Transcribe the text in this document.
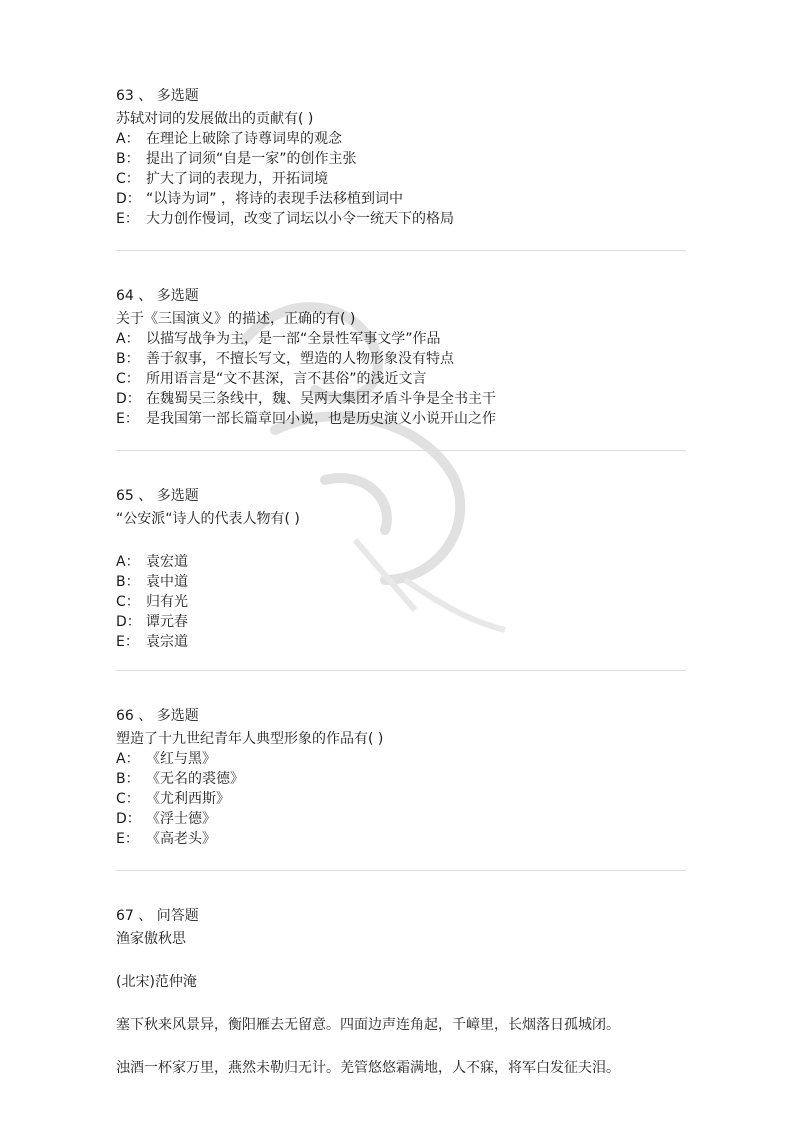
63 、 多选题
苏轼对词的发展做出的贡献有( )
A： 在理论上破除了诗尊词卑的观念
B： 提出了词须“自是一家”的创作主张
C： 扩大了词的表现力，开拓词境
D： “以诗为词” ，将诗的表现手法移植到词中
E： 大力创作慢词，改变了词坛以小令一统天下的格局
64 、 多选题
关于《三国演义》的描述，正确的有( )
A： 以描写战争为主，是一部“全景性军事文学”作品
B： 善于叙事，不擅长写文，塑造的人物形象没有特点
C： 所用语言是“文不甚深，言不甚俗”的浅近文言
D： 在魏蜀吴三条线中，魏、吴两大集团矛盾斗争是全书主干
E： 是我国第一部长篇章回小说，也是历史演义小说开山之作
65 、 多选题
“公安派“诗人的代表人物有( )
A： 袁宏道
B： 袁中道
C： 归有光
D： 谭元春
E： 袁宗道
66 、 多选题
塑造了十九世纪青年人典型形象的作品有( )
A： 《红与黑》
B： 《无名的裘德》
C： 《尤利西斯》
D： 《浮士德》
E： 《高老头》
67 、 问答题
渔家傲秋思
(北宋)范仲淹
塞下秋来风景异，衡阳雁去无留意。四面边声连角起，千嶂里，长烟落日孤城闭。
浊酒一杯家万里，燕然未勒归无计。羌管悠悠霜满地，人不寐，将军白发征夫泪。
